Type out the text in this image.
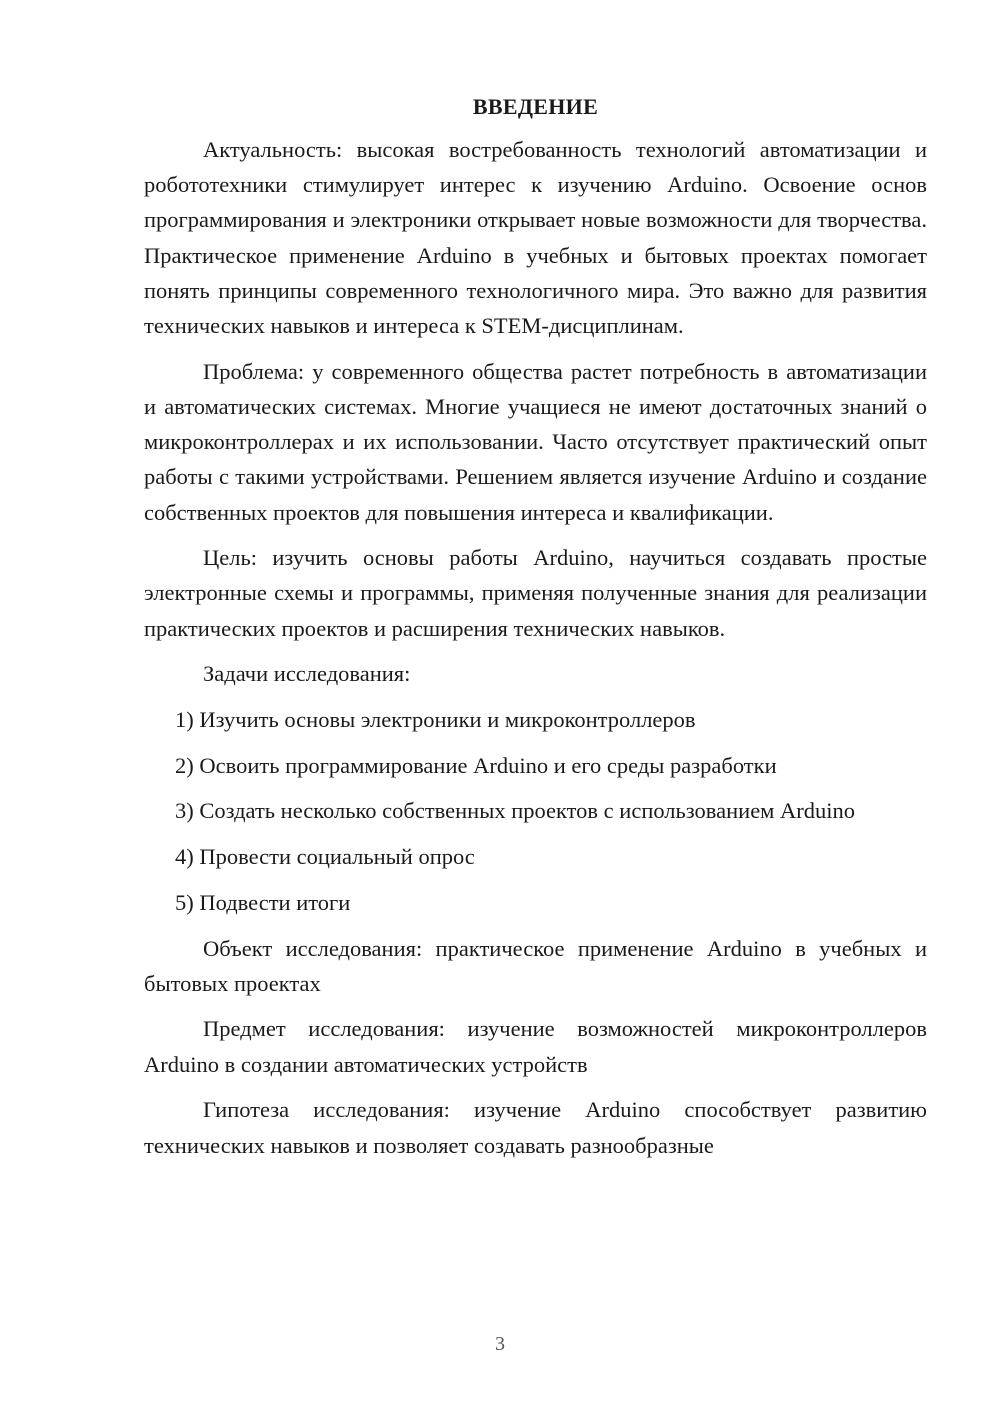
ВВЕДЕНИЕ

Актуальность: высокая востребованность технологий автоматизации и робототехники стимулирует интерес к изучению Arduino. Освоение основ программирования и электроники открывает новые возможности для творчества. Практическое применение Arduino в учебных и бытовых проектах помогает понять принципы современного технологичного мира. Это важно для развития технических навыков и интереса к STEM-дисциплинам.

Проблема: у современного общества растет потребность в автоматизации и автоматических системах. Многие учащиеся не имеют достаточных знаний о микроконтроллерах и их использовании. Часто отсутствует практический опыт работы с такими устройствами. Решением является изучение Arduino и создание собственных проектов для повышения интереса и квалификации.

Цель: изучить основы работы Arduino, научиться создавать простые электронные схемы и программы, применяя полученные знания для реализации практических проектов и расширения технических навыков.

Задачи исследования:

1) Изучить основы электроники и микроконтроллеров

2) Освоить программирование Arduino и его среды разработки

3) Создать несколько собственных проектов с использованием Arduino

4) Провести социальный опрос

5) Подвести итоги

Объект исследования: практическое применение Arduino в учебных и бытовых проектах

Предмет исследования: изучение возможностей микроконтроллеров Arduino в создании автоматических устройств

Гипотеза исследования: изучение Arduino способствует развитию технических навыков и позволяет создавать разнообразные

3
